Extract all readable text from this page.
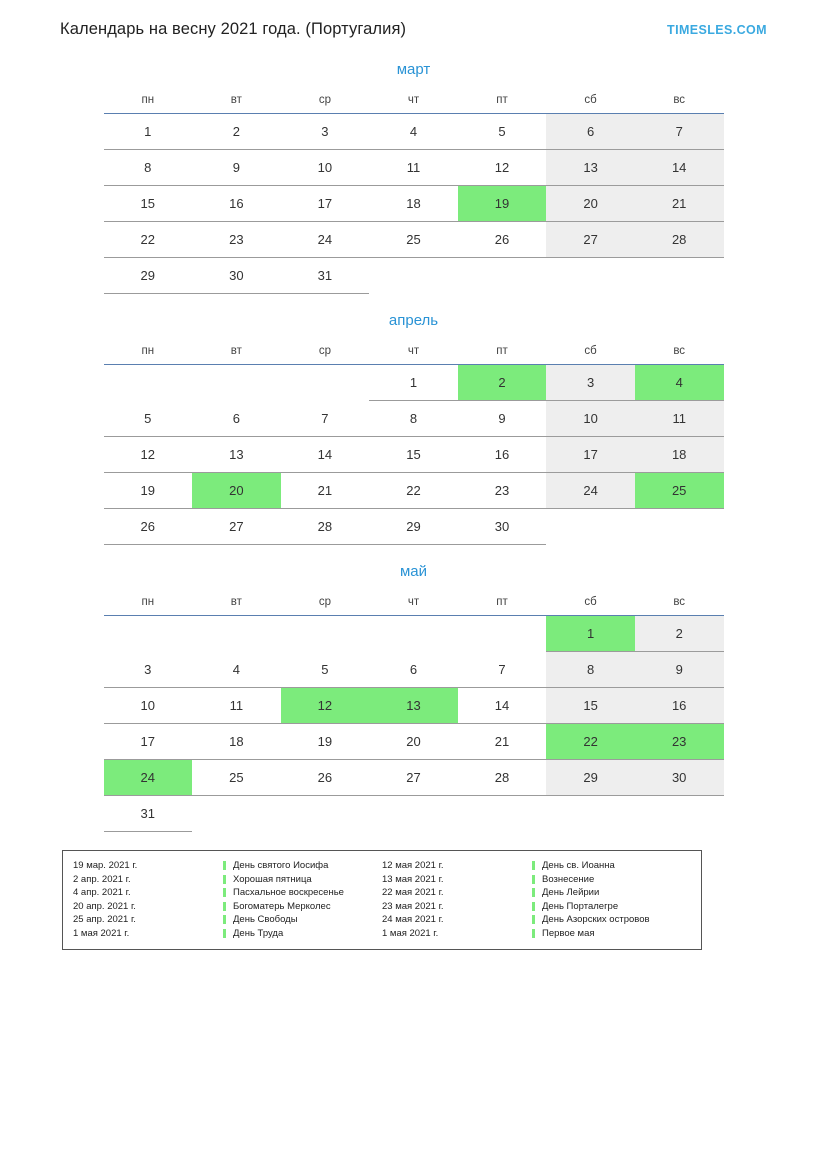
Календарь на весну 2021 года. (Португалия)	TIMESLES.COM
март
пн	вт	ср	чт	пт	сб	вс

1	2	3	4	5	6	7

8	9	10	11	12	13	14

15	16	17	18	19	20	21

22	23	24	25	26	27	28

29	30	31				

апрель
пн	вт	ср	чт	пт	сб	вс

			1	2	3	4

5	6	7	8	9	10	11

12	13	14	15	16	17	18

19	20	21	22	23	24	25

26	27	28	29	30		

май
пн	вт	ср	чт	пт	сб	вс

					1	2

3	4	5	6	7	8	9

10	11	12	13	14	15	16

17	18	19	20	21	22	23

24	25	26	27	28	29	30

31						

19 мар. 2021 г.	День святого Иосифа
2 апр. 2021 г.	Хорошая пятница
4 апр. 2021 г.	Пасхальное воскресенье
20 апр. 2021 г.	Богоматерь Мерколес
25 апр. 2021 г.	День Свободы
1 мая 2021 г.	День Труда
12 мая 2021 г.	День св. Иоанна
13 мая 2021 г.	Вознесение
22 мая 2021 г.	День Лейрии
23 мая 2021 г.	День Порталегре
24 мая 2021 г.	День Азорских островов
1 мая 2021 г.	Первое мая
